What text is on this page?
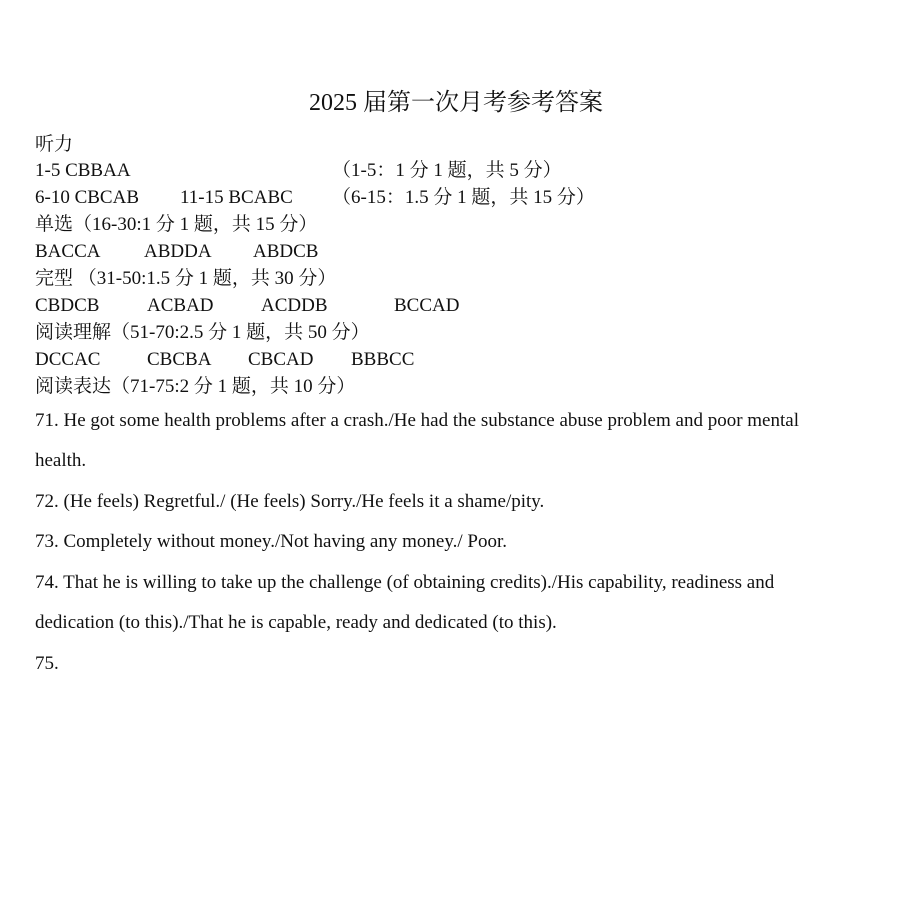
2025 届第一次月考参考答案
听力
1-5 CBBAA	（1-5：1 分 1 题，共 5 分）
6-10 CBCAB 11-15 BCABC （6-15：1.5 分 1 题，共 15 分）
单选（16-30:1 分 1 题，共 15 分）
BACCA ABDDA ABDCB
完型 （31-50:1.5 分 1 题，共 30 分）
CBDCB	ACBAD ACDDB	BCCAD
阅读理解（51-70:2.5 分 1 题，共 50 分）
DCCAC CBCBA CBCAD BBBCC
阅读表达（71-75:2 分 1 题，共 10 分）
71. He got some health problems after a crash./He had the substance abuse problem and poor mental
health.
72. (He feels) Regretful./ (He feels) Sorry./He feels it a shame/pity.
73. Completely without money./Not having any money./ Poor.
74. That he is willing to take up the challenge (of obtaining credits)./His capability, readiness and
dedication (to this)./That he is capable, ready and dedicated (to this).
75.
